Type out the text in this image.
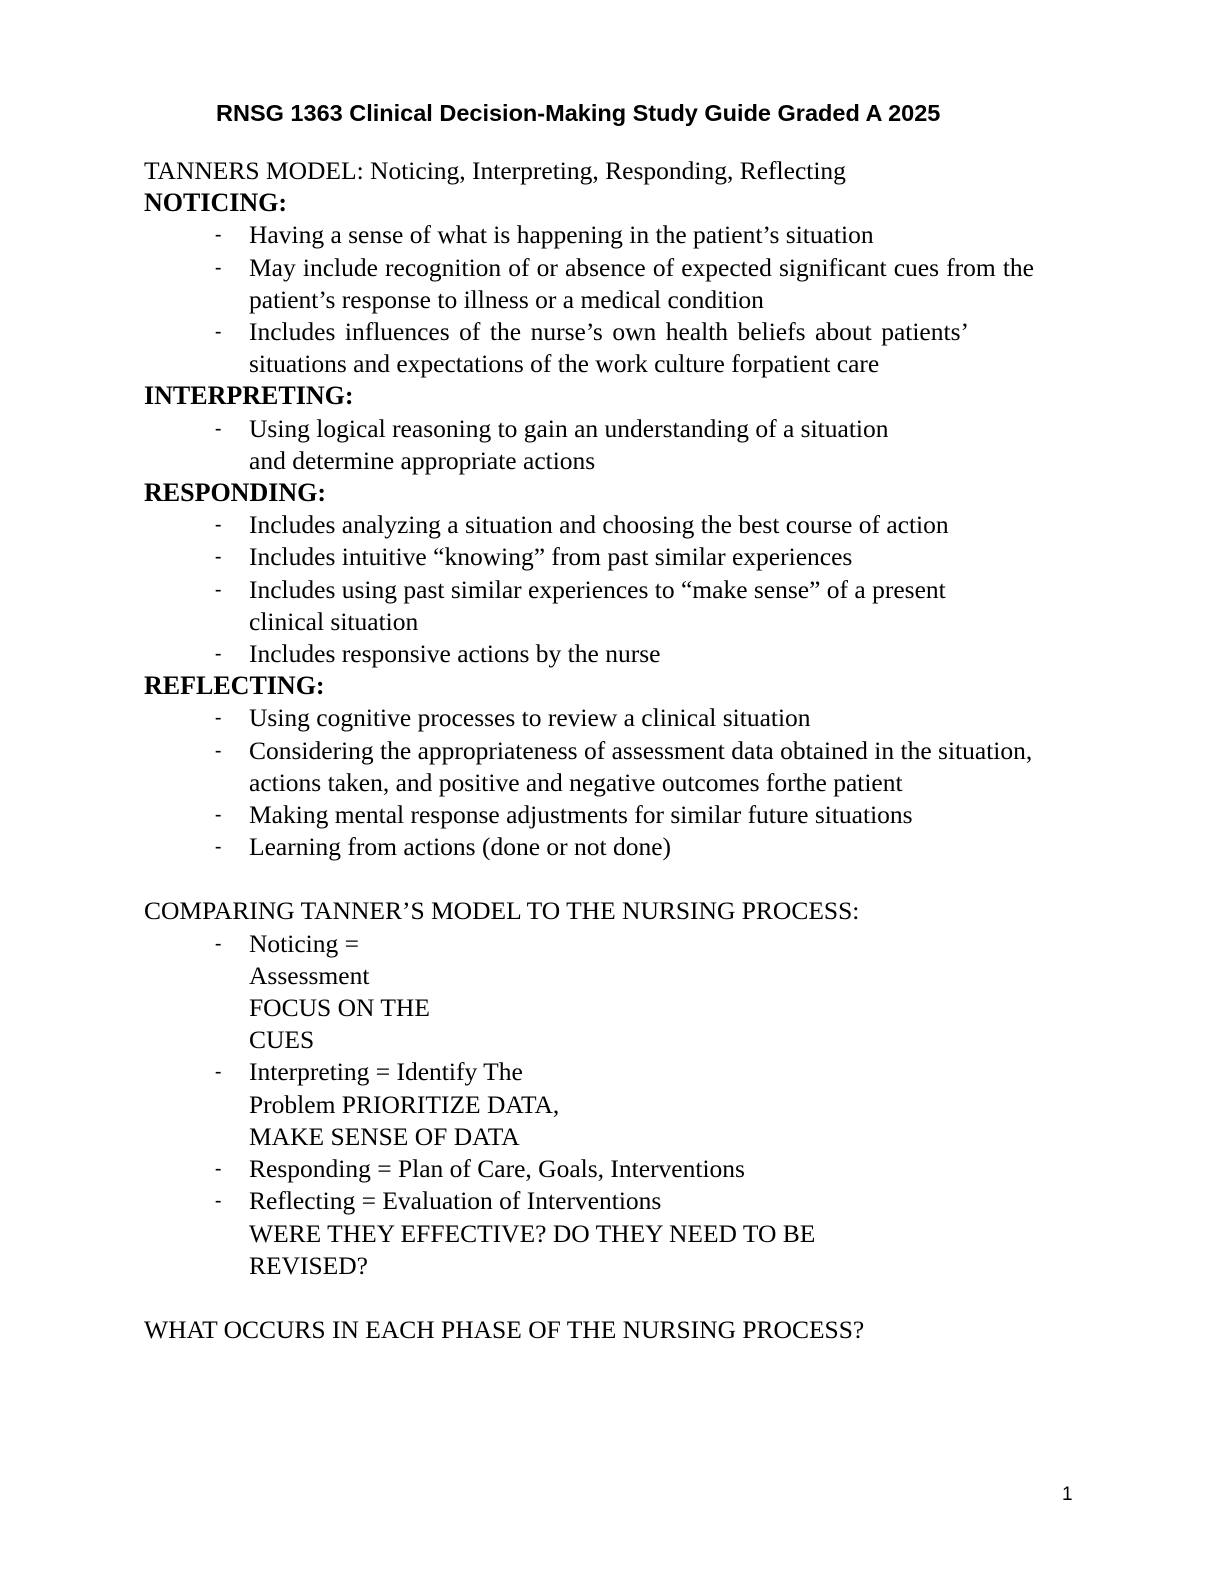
RNSG 1363 Clinical Decision-Making Study Guide Graded A 2025

TANNERS MODEL: Noticing, Interpreting, Responding, Reflecting

NOTICING:

- Having a sense of what is happening in the patient’s situation
- May include recognition of or absence of expected significant cues from the patient’s response to illness or a medical condition
- Includes influences of the nurse’s own health beliefs about patients’ situations and expectations of the work culture forpatient care

INTERPRETING:

- Using logical reasoning to gain an understanding of a situation and determine appropriate actions

RESPONDING:

- Includes analyzing a situation and choosing the best course of action
- Includes intuitive “knowing” from past similar experiences
- Includes using past similar experiences to “make sense” of a present clinical situation
- Includes responsive actions by the nurse

REFLECTING:

- Using cognitive processes to review a clinical situation
- Considering the appropriateness of assessment data obtained in the situation, actions taken, and positive and negative outcomes forthe patient
- Making mental response adjustments for similar future situations
- Learning from actions (done or not done)

COMPARING TANNER’S MODEL TO THE NURSING PROCESS:

- Noticing =
Assessment
FOCUS ON THE
CUES
- Interpreting = Identify The
Problem PRIORITIZE DATA,
MAKE SENSE OF DATA
- Responding = Plan of Care, Goals, Interventions
- Reflecting = Evaluation of Interventions
WERE THEY EFFECTIVE? DO THEY NEED TO BE
REVISED?

WHAT OCCURS IN EACH PHASE OF THE NURSING PROCESS?

1
